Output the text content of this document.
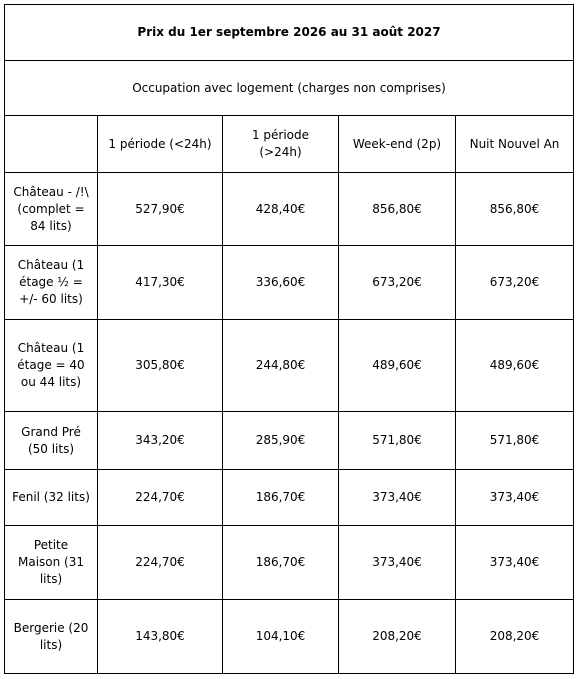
Prix du 1er septembre 2026 au 31 août 2027				
Occupation avec logement (charges non comprises)				
	1 période (<24h)	1 période (>24h)	Week-end (2p)	Nuit Nouvel An
Château - /!\ (complet = 84 lits)	527,90€	428,40€	856,80€	856,80€
Château (1 étage ½ = +/- 60 lits)	417,30€	336,60€	673,20€	673,20€
Château (1 étage = 40 ou 44 lits)	305,80€	244,80€	489,60€	489,60€
Grand Pré (50 lits)	343,20€	285,90€	571,80€	571,80€
Fenil (32 lits)	224,70€	186,70€	373,40€	373,40€
Petite Maison (31 lits)	224,70€	186,70€	373,40€	373,40€
Bergerie (20 lits)	143,80€	104,10€	208,20€	208,20€
